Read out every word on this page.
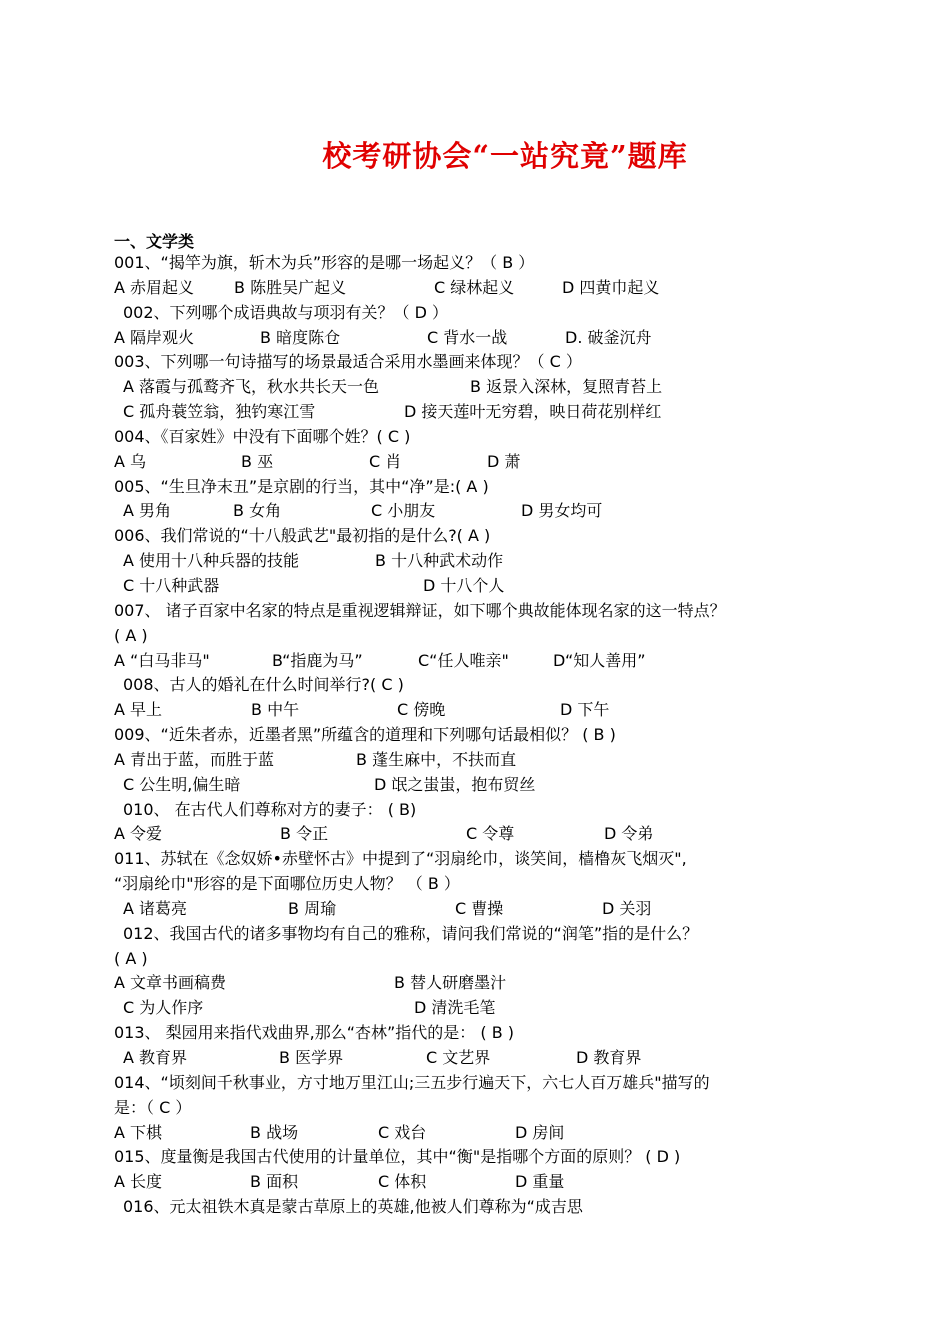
校考研协会“一站究竟”题库
一、文学类
001、“揭竿为旗，斩木为兵”形容的是哪一场起义？（ B ）
A 赤眉起义 B 陈胜吴广起义	C 绿林起义	D 四黄巾起义
002、下列哪个成语典故与项羽有关？（ D ）
A 隔岸观火	B 暗度陈仓	C 背水一战	D. 破釜沉舟
003、下列哪一句诗描写的场景最适合采用水墨画来体现？（ C ）
A 落霞与孤鹜齐飞，秋水共长天一色	B 返景入深林，复照青苔上
C 孤舟蓑笠翁，独钓寒江雪	D 接天莲叶无穷碧，映日荷花别样红
004、《百家姓》中没有下面哪个姓？( C )
A 乌	B 巫	C 肖	D 萧
005、“生旦净末丑”是京剧的行当，其中“净”是:( A )
A 男角	B 女角	C 小朋友	D 男女均可
006、我们常说的“十八般武艺"最初指的是什么?( A )
A 使用十八种兵器的技能	B 十八种武术动作
C 十八种武器	D 十八个人
007、 诸子百家中名家的特点是重视逻辑辩证，如下哪个典故能体现名家的这一特点？
( A )
A “白马非马"	B“指鹿为马”	C“任人唯亲"	D“知人善用”
008、古人的婚礼在什么时间举行?( C )
A 早上	B 中午	C 傍晚	D 下午
009、“近朱者赤，近墨者黑”所蕴含的道理和下列哪句话最相似？ ( B )
A 青出于蓝，而胜于蓝	B 蓬生麻中，不扶而直
C 公生明,偏生暗	D 氓之蚩蚩，抱布贸丝
010、 在古代人们尊称对方的妻子： ( B)
A 令爱	B 令正	C 令尊	D 令弟
011、苏轼在《念奴娇•赤壁怀古》中提到了“羽扇纶巾，谈笑间，樯橹灰飞烟灭",
“羽扇纶巾"形容的是下面哪位历史人物？ （ B ）
A 诸葛亮	B 周瑜	C 曹操	D 关羽
012、我国古代的诸多事物均有自己的雅称，请问我们常说的“润笔”指的是什么？
( A )
A 文章书画稿费	B 替人研磨墨汁
C 为人作序	D 清洗毛笔
013、 梨园用来指代戏曲界,那么“杏林”指代的是： ( B )
A 教育界	B 医学界	C 文艺界	D 教育界
014、“顷刻间千秋事业，方寸地万里江山;三五步行遍天下，六七人百万雄兵"描写的
是：（ C ）
A 下棋	B 战场	C 戏台	D 房间
015、度量衡是我国古代使用的计量单位，其中“衡"是指哪个方面的原则？ ( D )
A 长度	B 面积	C 体积	D 重量
016、元太祖铁木真是蒙古草原上的英雄,他被人们尊称为“成吉思
